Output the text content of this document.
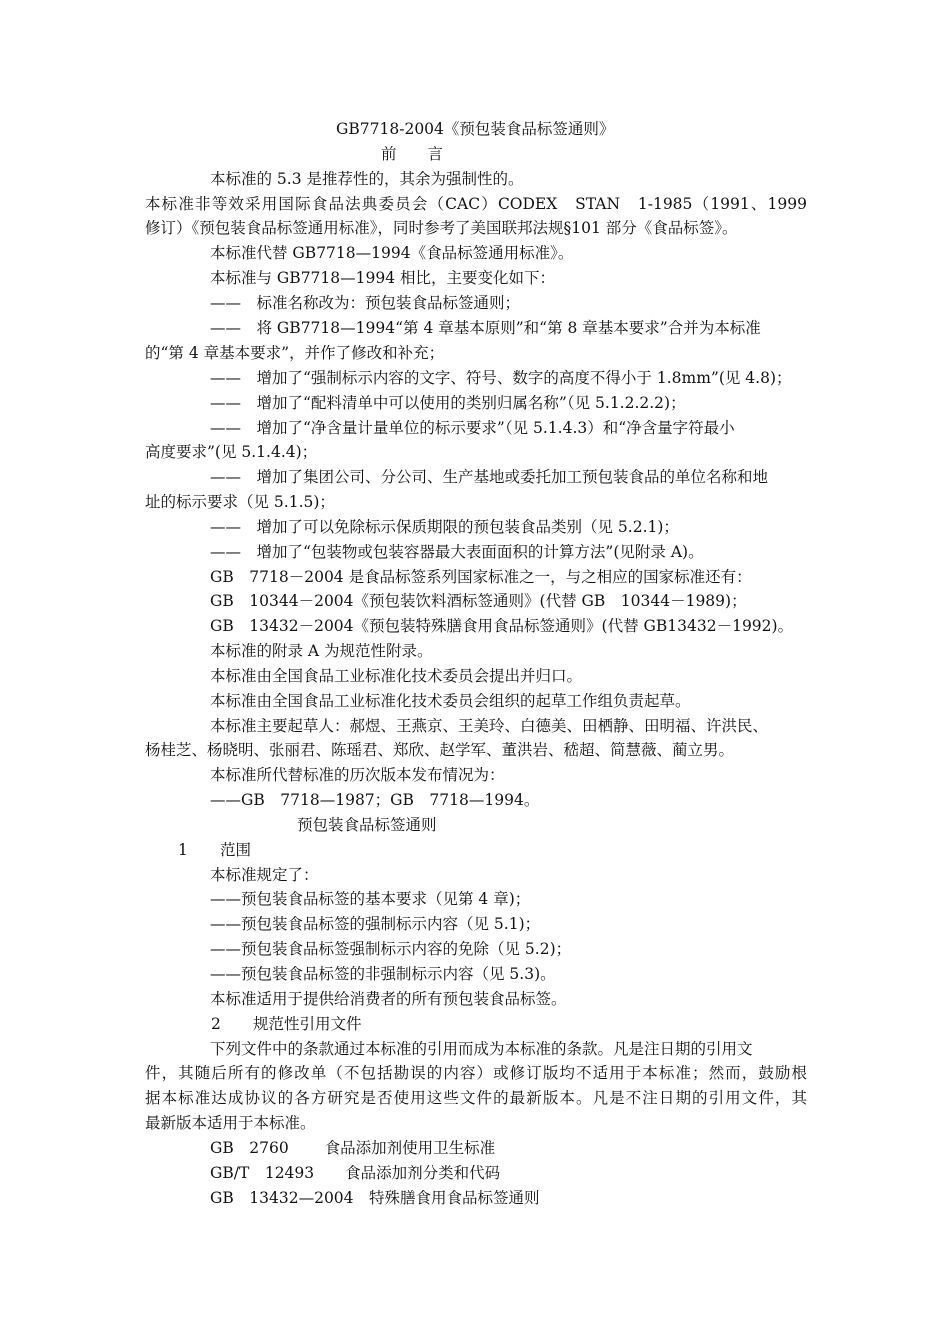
GB7718-2004《预包装食品标签通则》
前　　言
本标准的 5.3 是推荐性的，其余为强制性的。
本标准非等效采用国际食品法典委员会（CAC）CODEX　STAN　1-1985（1991、1999
修订）《预包装食品标签通用标准》，同时参考了美国联邦法规§101 部分《食品标签》。
本标准代替 GB7718—1994《食品标签通用标准》。
本标准与 GB7718—1994 相比，主要变化如下：
——　标准名称改为：预包装食品标签通则；
——　将 GB7718—1994“第 4 章基本原则”和“第 8 章基本要求”合并为本标准
的“第 4 章基本要求”，并作了修改和补充；
——　增加了“强制标示内容的文字、符号、数字的高度不得小于 1.8mm”(见 4.8)；
——　增加了“配料清单中可以使用的类别归属名称”（见 5.1.2.2.2)；
——　增加了“净含量计量单位的标示要求”（见 5.1.4.3）和“净含量字符最小
高度要求”(见 5.1.4.4)；
——　增加了集团公司、分公司、生产基地或委托加工预包装食品的单位名称和地
址的标示要求（见 5.1.5)；
——　增加了可以免除标示保质期限的预包装食品类别（见 5.2.1)；
——　增加了“包装物或包装容器最大表面面积的计算方法”(见附录 A)。
GB　7718－2004 是食品标签系列国家标准之一，与之相应的国家标准还有：
GB　10344－2004《预包装饮料酒标签通则》(代替 GB　10344－1989)；
GB　13432－2004《预包装特殊膳食用食品标签通则》(代替 GB13432－1992)。
本标准的附录 A 为规范性附录。
本标准由全国食品工业标准化技术委员会提出并归口。
本标准由全国食品工业标准化技术委员会组织的起草工作组负责起草。
本标准主要起草人：郝煜、王燕京、王美玲、白德美、田栖静、田明福、许洪民、
杨桂芝、杨晓明、张丽君、陈瑶君、郑欣、赵学军、董洪岩、嵇超、简慧薇、蔺立男。
本标准所代替标准的历次版本发布情况为：
——GB　7718—1987；GB　7718—1994。
预包装食品标签通则
1 范围
本标准规定了：
——预包装食品标签的基本要求（见第 4 章)；
——预包装食品标签的强制标示内容（见 5.1)；
——预包装食品标签强制标示内容的免除（见 5.2)；
——预包装食品标签的非强制标示内容（见 5.3)。
本标准适用于提供给消费者的所有预包装食品标签。
2 规范性引用文件
下列文件中的条款通过本标准的引用而成为本标准的条款。凡是注日期的引用文
件，其随后所有的修改单（不包括勘误的内容）或修订版均不适用于本标准；然而，鼓励根
据本标准达成协议的各方研究是否使用这些文件的最新版本。凡是不注日期的引用文件，其
最新版本适用于本标准。
GB　2760　　 食品添加剂使用卫生标准
GB/T　12493　　食品添加剂分类和代码
GB　13432—2004　特殊膳食用食品标签通则
